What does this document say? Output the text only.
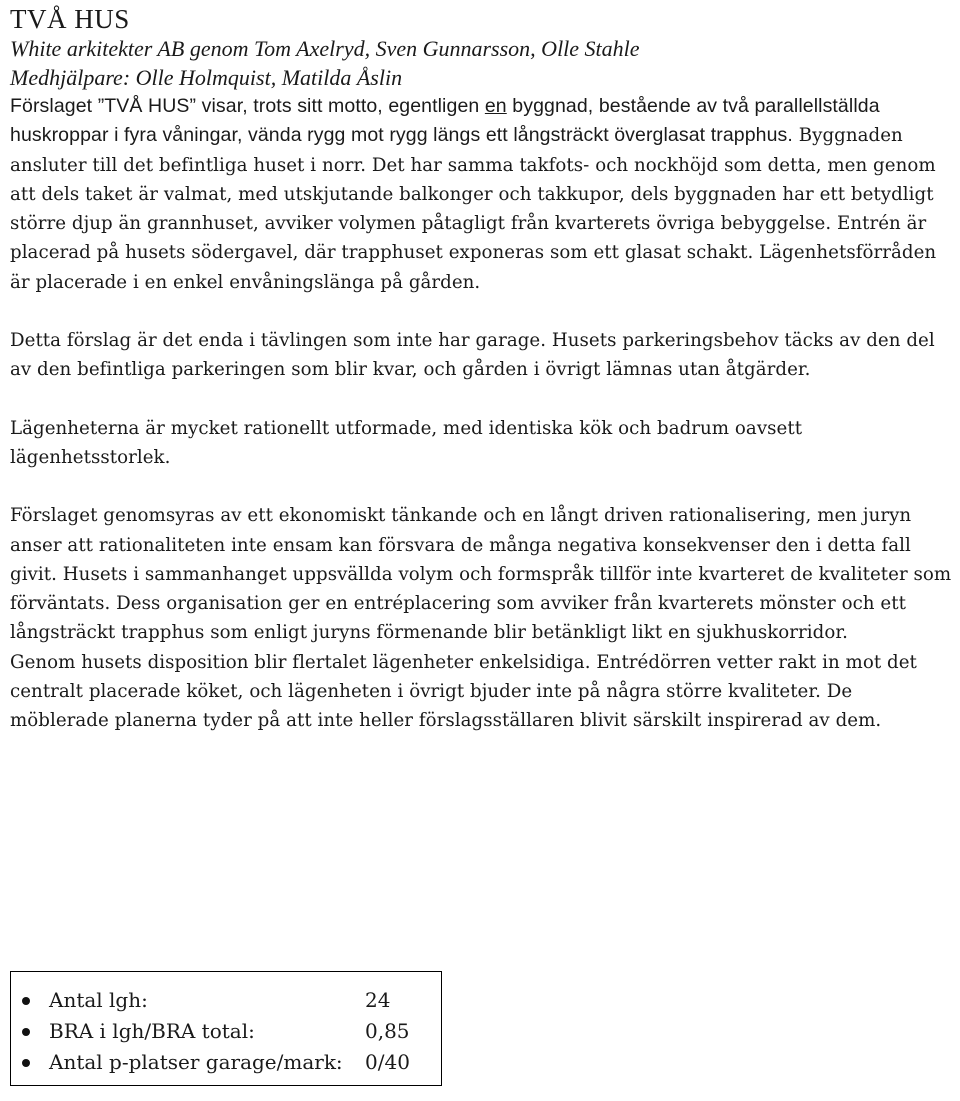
TVÅ HUS

White arkitekter AB genom Tom Axelryd, Sven Gunnarsson, Olle Stahle

Medhjälpare: Olle Holmquist, Matilda Åslin

Förslaget ”TVÅ HUS” visar, trots sitt motto, egentligen en byggnad, bestående av två parallellställda huskroppar i fyra våningar, vända rygg mot rygg längs ett långsträckt överglasat trapphus. Byggnaden ansluter till det befintliga huset i norr. Det har samma takfots- och nockhöjd som detta, men genom att dels taket är valmat, med utskjutande balkonger och takkupor, dels byggnaden har ett betydligt större djup än grannhuset, avviker volymen påtagligt från kvarterets övriga bebyggelse. Entrén är placerad på husets södergavel, där trapphuset exponeras som ett glasat schakt. Lägenhetsförråden är placerade i en enkel envåningslänga på gården.

Detta förslag är det enda i tävlingen som inte har garage. Husets parkeringsbehov täcks av den del av den befintliga parkeringen som blir kvar, och gården i övrigt lämnas utan åtgärder.

Lägenheterna är mycket rationellt utformade, med identiska kök och badrum oavsett lägenhetsstorlek.

Förslaget genomsyras av ett ekonomiskt tänkande och en långt driven rationalisering, men juryn anser att rationaliteten inte ensam kan försvara de många negativa konsekvenser den i detta fall givit. Husets i sammanhanget uppsvällda volym och formspråk tillför inte kvarteret de kvaliteter som förväntats. Dess organisation ger en entréplacering som avviker från kvarterets mönster och ett långsträckt trapphus som enligt juryns förmenande blir betänkligt likt en sjukhuskorridor.

Genom husets disposition blir flertalet lägenheter enkelsidiga. Entrédörren vetter rakt in mot det centralt placerade köket, och lägenheten i övrigt bjuder inte på några större kvaliteter. De möblerade planerna tyder på att inte heller förslagsställaren blivit särskilt inspirerad av dem.

Antal lgh:	24
BRA i lgh/BRA total:	0,85
Antal p-platser garage/mark: 0/40
